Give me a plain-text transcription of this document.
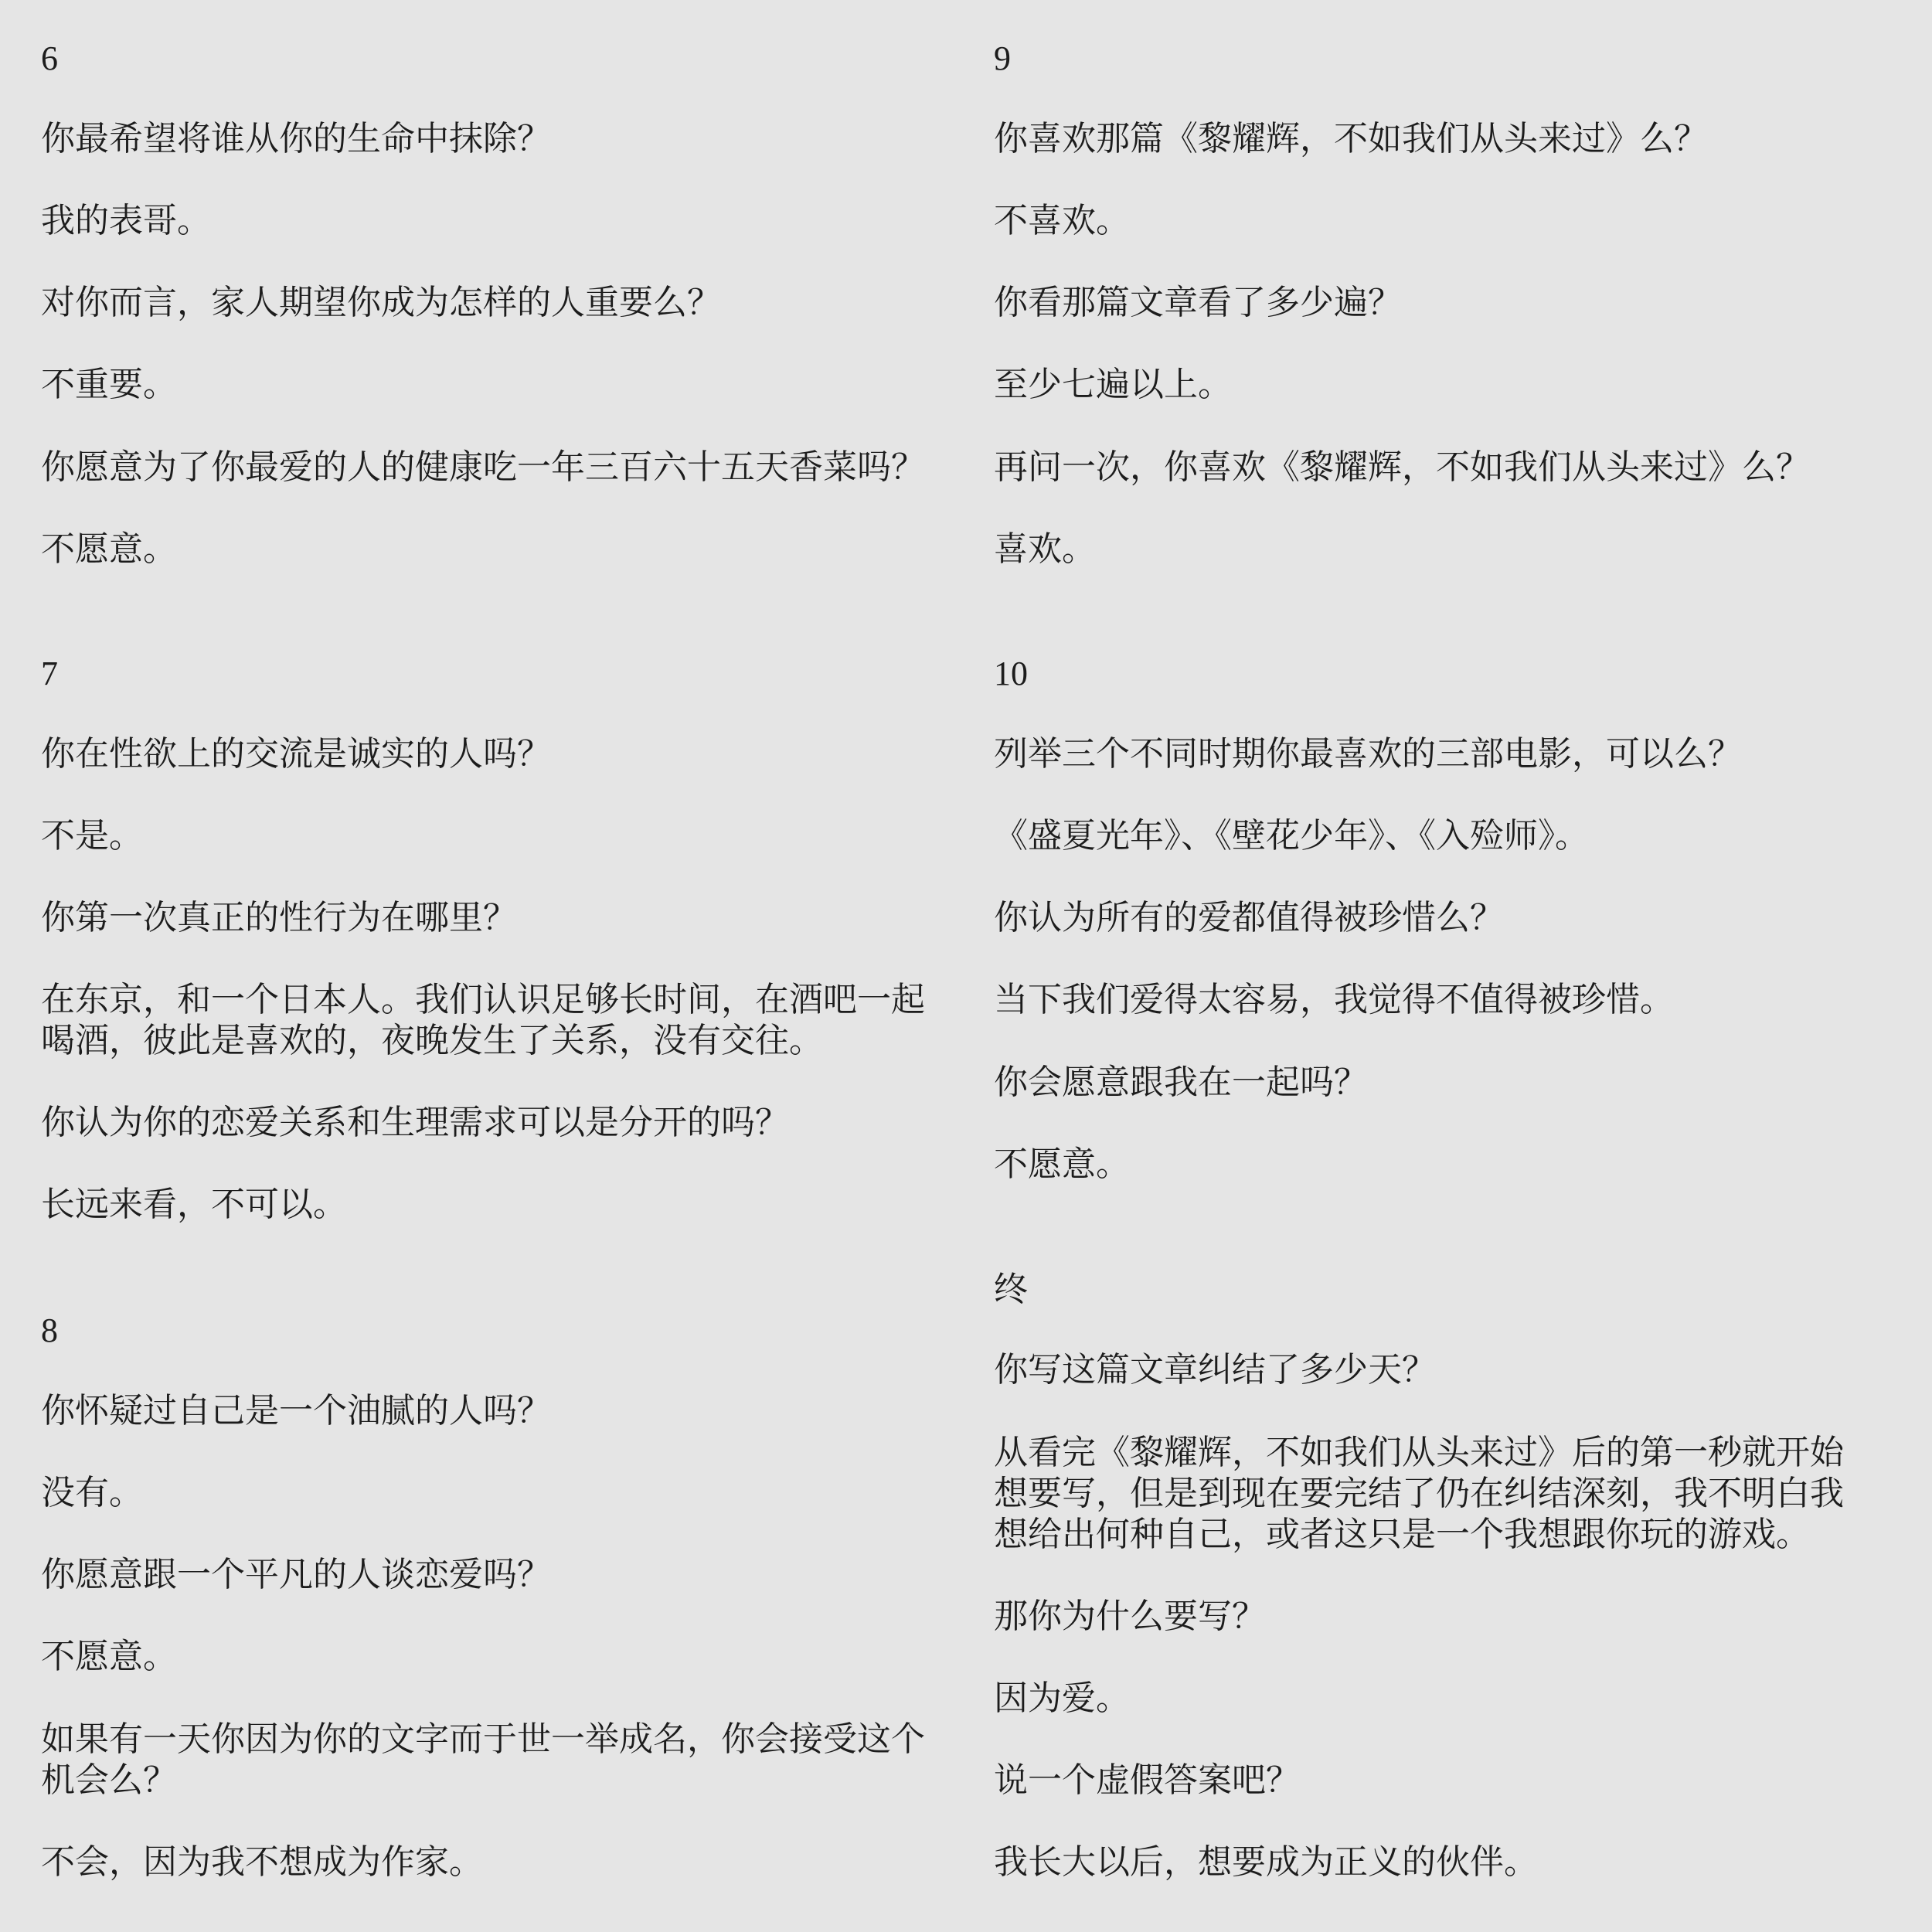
6

你最希望将谁从你的生命中抹除？

我的表哥。

对你而言，家人期望你成为怎样的人重要么？

不重要。

你愿意为了你最爱的人的健康吃一年三百六十五天香菜吗？

不愿意。

7

你在性欲上的交流是诚实的人吗？

不是。

你第一次真正的性行为在哪里？

在东京，和一个日本人。我们认识足够长时间，在酒吧一起

喝酒，彼此是喜欢的，夜晚发生了关系，没有交往。

你认为你的恋爱关系和生理需求可以是分开的吗？

长远来看，不可以。

8

你怀疑过自己是一个油腻的人吗？

没有。

你愿意跟一个平凡的人谈恋爱吗？

不愿意。

如果有一天你因为你的文字而于世一举成名，你会接受这个

机会么？

不会，因为我不想成为作家。

9

你喜欢那篇《黎耀辉，不如我们从头来过》么？

不喜欢。

你看那篇文章看了多少遍？

至少七遍以上。

再问一次，你喜欢《黎耀辉，不如我们从头来过》么？

喜欢。

10

列举三个不同时期你最喜欢的三部电影，可以么？

《盛夏光年》、《壁花少年》、《入殓师》。

你认为所有的爱都值得被珍惜么？

当下我们爱得太容易，我觉得不值得被珍惜。

你会愿意跟我在一起吗？

不愿意。

终

你写这篇文章纠结了多少天？

从看完《黎耀辉，不如我们从头来过》后的第一秒就开始

想要写，但是到现在要完结了仍在纠结深刻，我不明白我

想给出何种自己，或者这只是一个我想跟你玩的游戏。

那你为什么要写？

因为爱。

说一个虚假答案吧？

我长大以后，想要成为正义的伙伴。
